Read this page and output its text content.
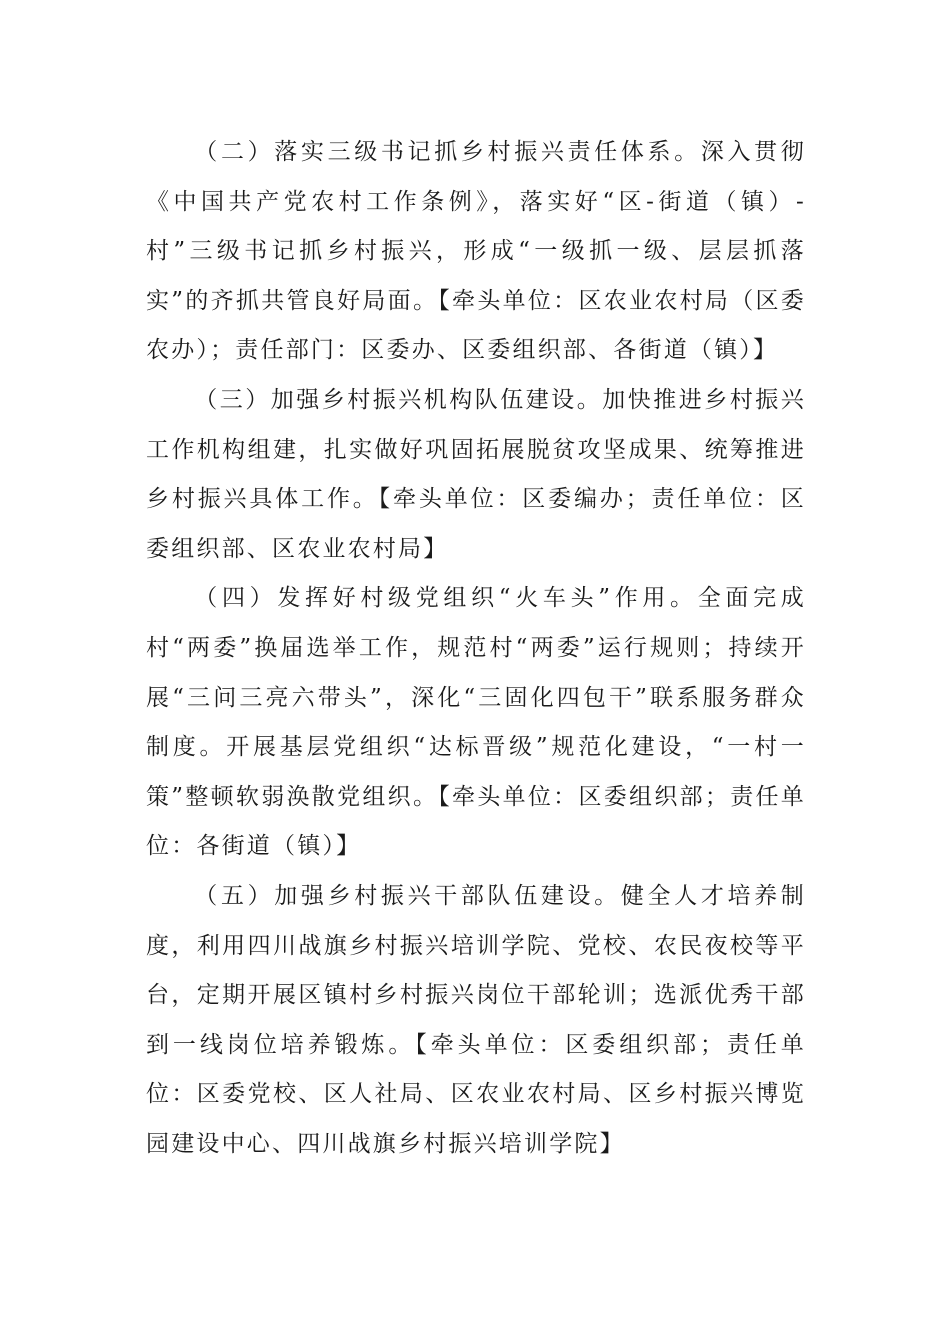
（二）落实三级书记抓乡村振兴责任体系。深入贯彻《中国共产党农村工作条例》，落实好“区-街道（镇）-村”三级书记抓乡村振兴，形成“一级抓一级、层层抓落实”的齐抓共管良好局面。【牵头单位：区农业农村局（区委农办）；责任部门：区委办、区委组织部、各街道（镇）】

（三）加强乡村振兴机构队伍建设。加快推进乡村振兴工作机构组建，扎实做好巩固拓展脱贫攻坚成果、统筹推进乡村振兴具体工作。【牵头单位：区委编办；责任单位：区委组织部、区农业农村局】

（四）发挥好村级党组织“火车头”作用。全面完成村“两委”换届选举工作，规范村“两委”运行规则；持续开展“三问三亮六带头”，深化“三固化四包干”联系服务群众制度。开展基层党组织“达标晋级”规范化建设，“一村一策”整顿软弱涣散党组织。【牵头单位：区委组织部；责任单位：各街道（镇）】

（五）加强乡村振兴干部队伍建设。健全人才培养制度，利用四川战旗乡村振兴培训学院、党校、农民夜校等平台，定期开展区镇村乡村振兴岗位干部轮训；选派优秀干部到一线岗位培养锻炼。【牵头单位：区委组织部；责任单位：区委党校、区人社局、区农业农村局、区乡村振兴博览园建设中心、四川战旗乡村振兴培训学院】
